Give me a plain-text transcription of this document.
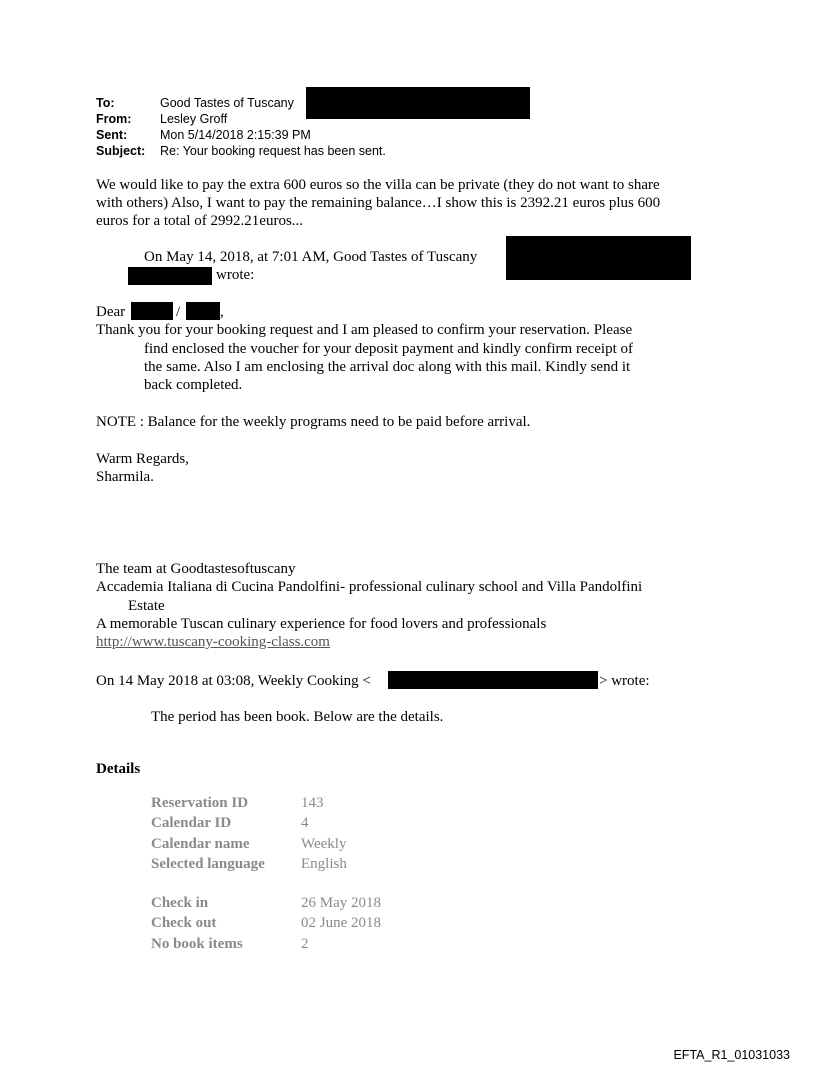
To:	Good Tastes of Tuscany
From: Lesley Groff
Sent:	Mon 5/14/2018 2:15:39 PM
Subject: Re: Your booking request has been sent.
We would like to pay the extra 600 euros so the villa can be private (they do not want to share
with others) Also, I want to pay the remaining balance…I show this is 2392.21 euros plus 600
euros for a total of 2992.21euros...
On May 14, 2018, at 7:01 AM, Good Tastes of Tuscany
wrote:
Dear	/	,
Thank you for your booking request and I am pleased to confirm your reservation. Please
find enclosed the voucher for your deposit payment and kindly confirm receipt of
the same. Also I am enclosing the arrival doc along with this mail. Kindly send it
back completed.
NOTE : Balance for the weekly programs need to be paid before arrival.
Warm Regards,
Sharmila.
The team at Goodtastesoftuscany
Accademia Italiana di Cucina Pandolfini- professional culinary school and Villa Pandolfini
Estate
A memorable Tuscan culinary experience for food lovers and professionals
http://www.tuscany-cooking-class.com
On 14 May 2018 at 03:08, Weekly Cooking <	> wrote:
The period has been book. Below are the details.
Details
Reservation ID	143
Calendar ID	4
Calendar name	Weekly
Selected language English
Check in	26 May 2018
Check out	02 June 2018
No book items	2
EFTA_R1_01031033
